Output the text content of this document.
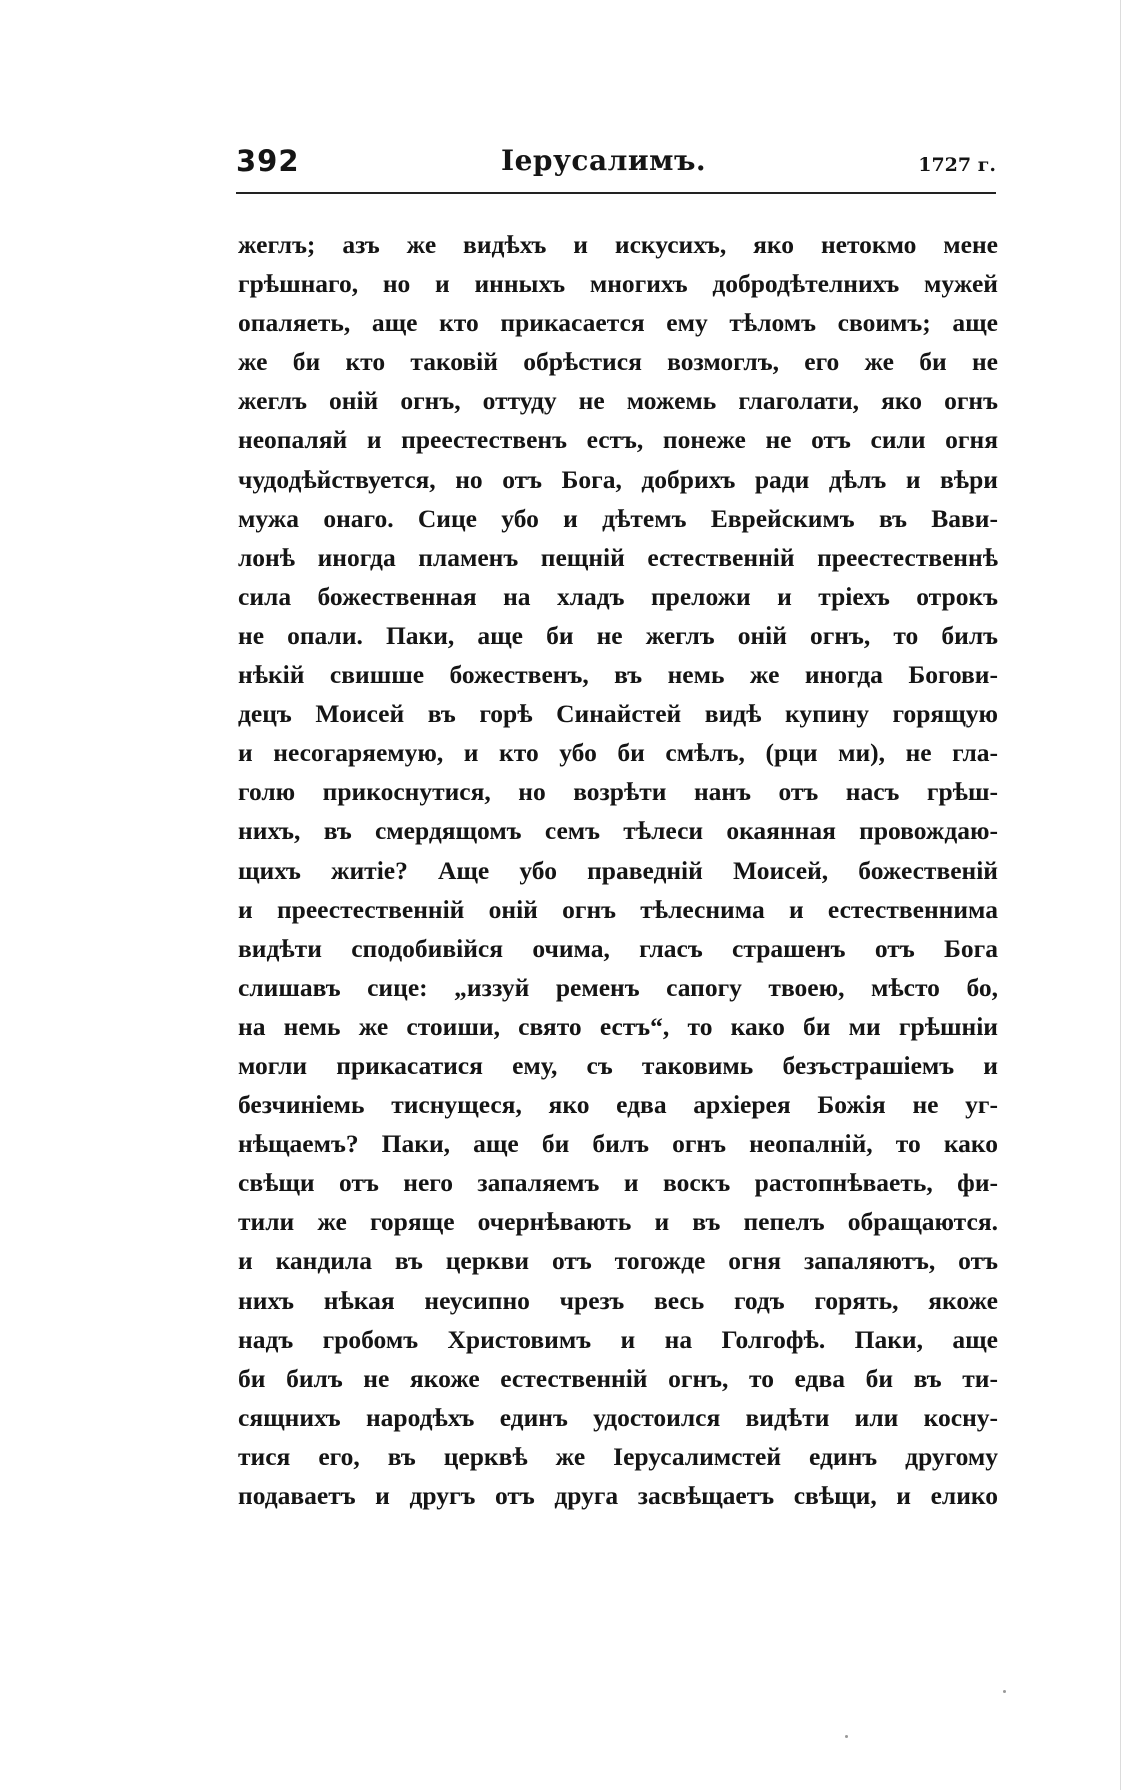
392	Іерусалимъ.	1727 г.
жеглъ; азъ же видѣхъ и искусихъ, яко нетокмо мене
грѣшнаго, но и инныхъ многихъ добродѣтелнихъ мужей
опаляеть, аще кто прикасается ему тѣломъ своимъ; аще
же би кто таковій обрѣстися возмоглъ, его же би не
жеглъ оній огнъ, оттуду не можемь глаголати, яко огнъ
неопаляй и преестественъ естъ, понеже не отъ сили огня
чудодѣйствуется, но отъ Бога, добрихъ ради дѣлъ и вѣри
мужа онаго. Сице убо и дѣтемъ Еврейскимъ въ Вави-
лонѣ иногда пламенъ пещній естественній преестественнѣ
сила божественная на хладъ преложи и тріехъ отрокъ
не опали. Паки, аще би не жеглъ оній огнъ, то билъ
нѣкій свишше божественъ, въ немь же иногда Богови-
децъ Моисей въ горѣ Синайстей видѣ купину горящую
и несогаряемую, и кто убо би смѣлъ, (рци ми), не гла-
голю прикоснутися, но возрѣти нанъ отъ насъ грѣш-
нихъ, въ смердящомъ семъ тѣлеси окаянная провождаю-
щихъ житіе? Аще убо праведній Моисей, божественій
и преестественній оній огнъ тѣлеснима и естественнима
видѣти сподобивійся очима, гласъ страшенъ отъ Бога
слишавъ сице: „иззуй ременъ сапогу твоею, мѣсто бо,
на немь же стоиши, свято естъ“, то како би ми грѣшніи
могли прикасатися ему, съ таковимь безъстрашіемъ и
безчиніемь тиснущеся, яко едва архіерея Божія не уг-
нѣщаемъ? Паки, аще би билъ огнъ неопалній, то како
свѣщи отъ него запаляемъ и воскъ растопнѣваеть, фи-
тили же горяще очернѣвають и въ пепелъ обращаются.
и кандила въ церкви отъ тогожде огня запаляютъ, отъ
нихъ нѣкая неусипно чрезъ весь годъ горять, якоже
надъ гробомъ Христовимъ и на Голгофѣ. Паки, аще
би билъ не якоже естественній огнъ, то едва би въ ти-
сящнихъ народѣхъ единъ удостоился видѣти или косну-
тися его, въ церквѣ же Іерусалимстей единъ другому
подаваетъ и другъ отъ друга засвѣщаетъ свѣщи, и елико
